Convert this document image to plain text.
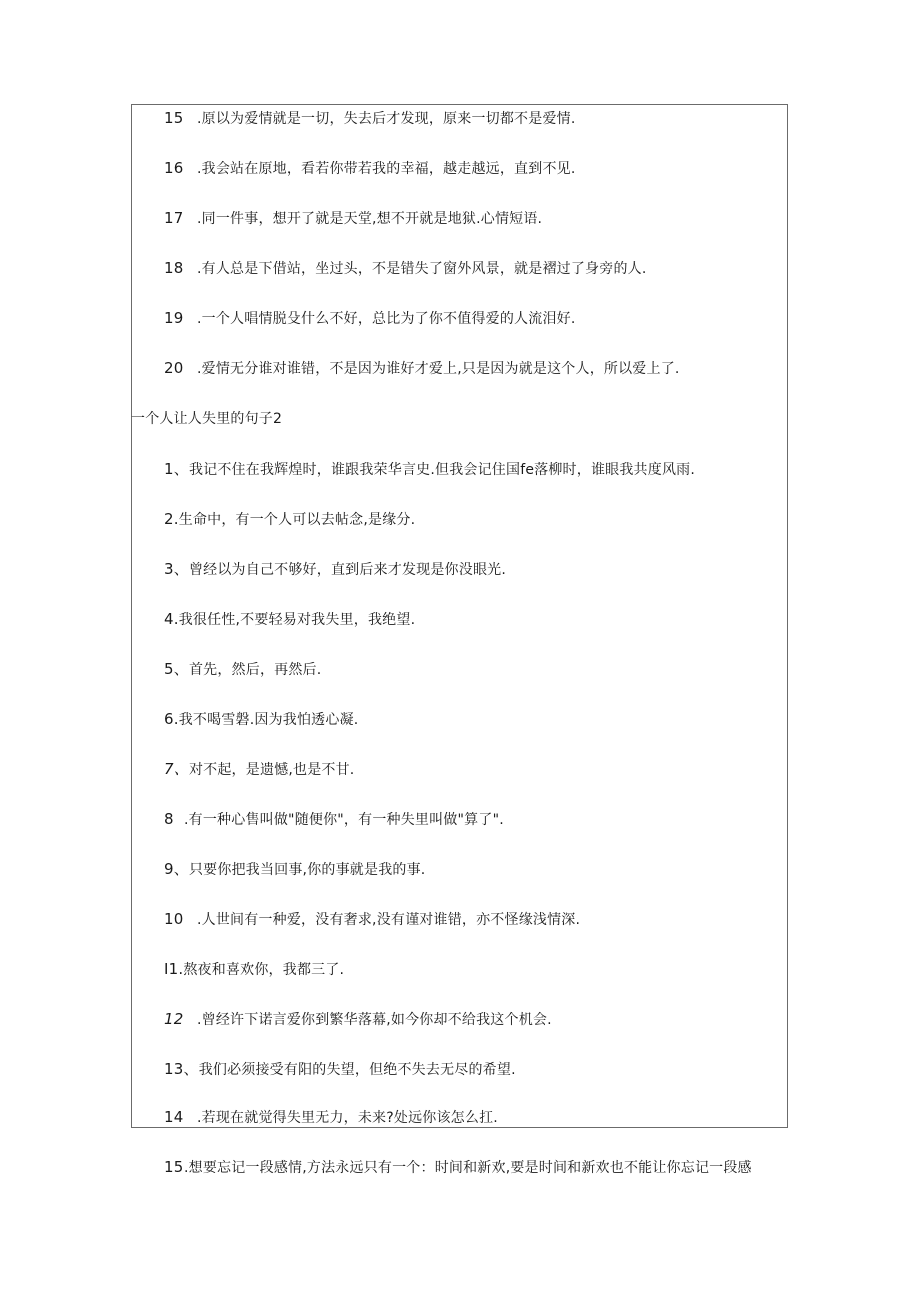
15 .原以为爱情就是一切，失去后才发现，原来一切都不是爱情.
16 .我会站在原地，看若你带若我的幸福，越走越远，直到不见.
17 .同一件事，想开了就是天堂,想不开就是地狱.心情短语.
18 .有人总是下借站，坐过头，不是错失了窗外风景，就是褶过了身旁的人.
19 .一个人唱情脱殳什么不好，总比为了你不值得爱的人流泪好.
20 .爱情无分谁对谁错，不是因为谁好才爱上,只是因为就是这个人，所以爱上了.
一个人让人失里的句子2
1、我记不住在我辉煌时，谁跟我荣华言史.但我会记住国fe落柳时，谁眼我共度风雨.
2.生命中，有一个人可以去帖念,是缘分.
3、曾经以为自己不够好，直到后来才发现是你没眼光.
4.我很任性,不要轻易对我失里，我绝望.
5、首先，然后，再然后.
6.我不喝雪磐.因为我怕透心凝.
7、对不起，是遗憾,也是不甘.
8 .有一种心售叫做"随便你"，有一种失里叫做"算了".
9、只要你把我当回事,你的事就是我的事.
10 .人世间有一种爱，没有奢求,没有谨对谁错，亦不怪缘浅情深.
I1.熬夜和喜欢你，我都三了.
12 .曾经许下诺言爱你到繁华落幕,如今你却不给我这个机会.
13、我们必须接受有阳的失望，但绝不失去无尽的希望.
14 .若现在就觉得失里无力，未来?处远你该怎么扛.
15.想要忘记一段感情,方法永远只有一个：时间和新欢,要是时间和新欢也不能让你忘记一段感
